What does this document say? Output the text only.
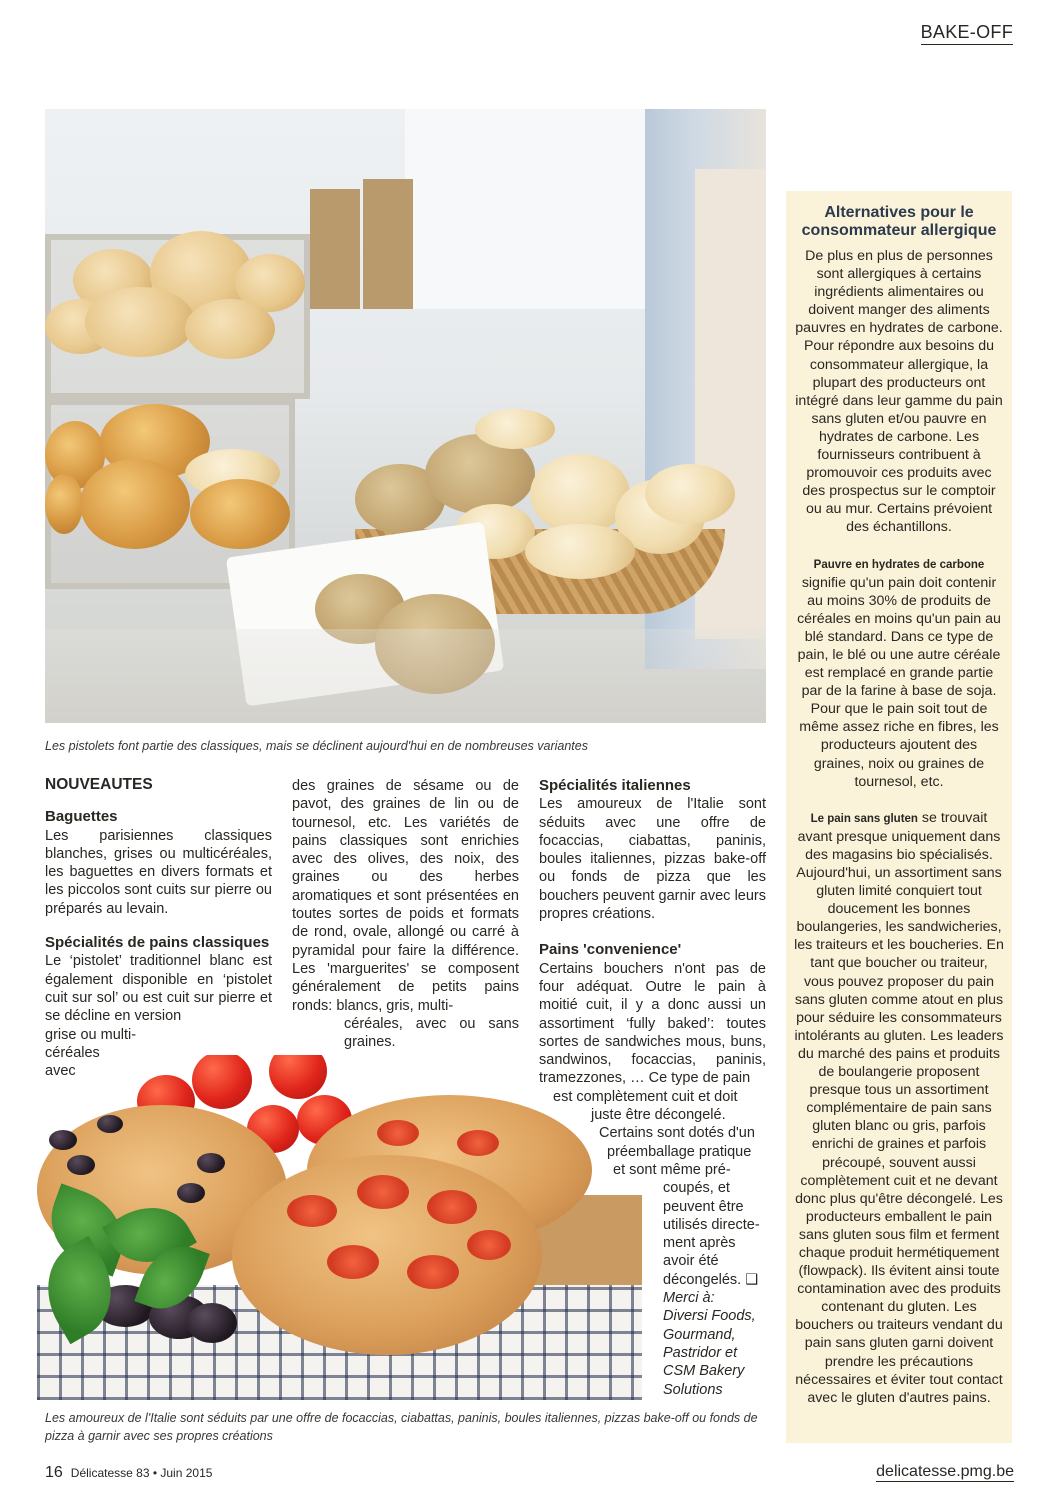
BAKE-OFF
Les pistolets font partie des classiques, mais se déclinent aujourd'hui en de nombreuses variantes
NOUVEAUTES
Baguettes

Les parisiennes classiques blanches, grises ou multicéréales, les baguettes en divers formats et les piccolos sont cuits sur pierre ou préparés au levain.

Spécialités de pains classiques

Le ‘pistolet’ traditionnel blanc est également disponible en ‘pistolet cuit sur sol’ ou est cuit sur pierre et se décline en version

grise ou multi-

céréales

avec

des graines de sésame ou de pavot, des graines de lin ou de tournesol, etc. Les variétés de pains classiques sont enrichies avec des olives, des noix, des graines ou des herbes aromatiques et sont présentées en toutes sortes de poids et formats de rond, ovale, allongé ou carré à pyramidal pour faire la différence. Les 'marguerites' se composent généralement de petits pains ronds: blancs, gris, multi-

céréales, avec ou sans graines.

Spécialités italiennes

Les amoureux de l'Italie sont séduits avec une offre de focaccias, ciabattas, paninis, boules italiennes, pizzas bake-off ou fonds de pizza que les bouchers peuvent garnir avec leurs propres créations.

Pains 'convenience'

Certains bouchers n'ont pas de four adéquat. Outre le pain à moitié cuit, il y a donc aussi un assortiment ‘fully baked’: toutes sortes de sandwiches mous, buns, sandwinos, focaccias, paninis, tramezzones, … Ce type de pain

est complètement cuit et doit
juste être décongelé.
Certains sont dotés d'un
préemballage pratique
et sont même pré-
coupés, et
peuvent être
utilisés directe-
ment après
avoir été
décongelés. ❑
Merci à:
Diversi Foods,
Gourmand,
Pastridor et
CSM Bakery
Solutions
Les amoureux de l'Italie sont séduits par une offre de focaccias, ciabattas, paninis, boules italiennes, pizzas bake-off ou fonds de pizza à garnir avec ses propres créations
Alternatives pour le consommateur allergique

De plus en plus de personnes sont allergiques à certains ingrédients alimentaires ou doivent manger des aliments pauvres en hydrates de carbone. Pour répondre aux besoins du consommateur allergique, la plupart des producteurs ont intégré dans leur gamme du pain sans gluten et/ou pauvre en hydrates de carbone. Les fournisseurs contribuent à promouvoir ces produits avec des prospectus sur le comptoir ou au mur. Certains prévoient des échantillons.

Pauvre en hydrates de carbone
signifie qu'un pain doit contenir au moins 30% de produits de céréales en moins qu'un pain au blé standard. Dans ce type de pain, le blé ou une autre céréale est remplacé en grande partie par de la farine à base de soja. Pour que le pain soit tout de même assez riche en fibres, les producteurs ajoutent des graines, noix ou graines de tournesol, etc.

Le pain sans gluten se trouvait avant presque uniquement dans des magasins bio spécialisés. Aujourd'hui, un assortiment sans gluten limité conquiert tout doucement les bonnes boulangeries, les sandwicheries, les traiteurs et les boucheries. En tant que boucher ou traiteur, vous pouvez proposer du pain sans gluten comme atout en plus pour séduire les consommateurs intolérants au gluten. Les leaders du marché des pains et produits de boulangerie proposent presque tous un assortiment complémentaire de pain sans gluten blanc ou gris, parfois enrichi de graines et parfois précoupé, souvent aussi complètement cuit et ne devant donc plus qu'être décongelé. Les producteurs emballent le pain sans gluten sous film et ferment chaque produit hermétiquement (flowpack). Ils évitent ainsi toute contamination avec des produits contenant du gluten. Les bouchers ou traiteurs vendant du pain sans gluten garni doivent prendre les précautions nécessaires et éviter tout contact avec le gluten d'autres pains.

16 Délicatesse 83 • Juin 2015	delicatesse.pmg.be
